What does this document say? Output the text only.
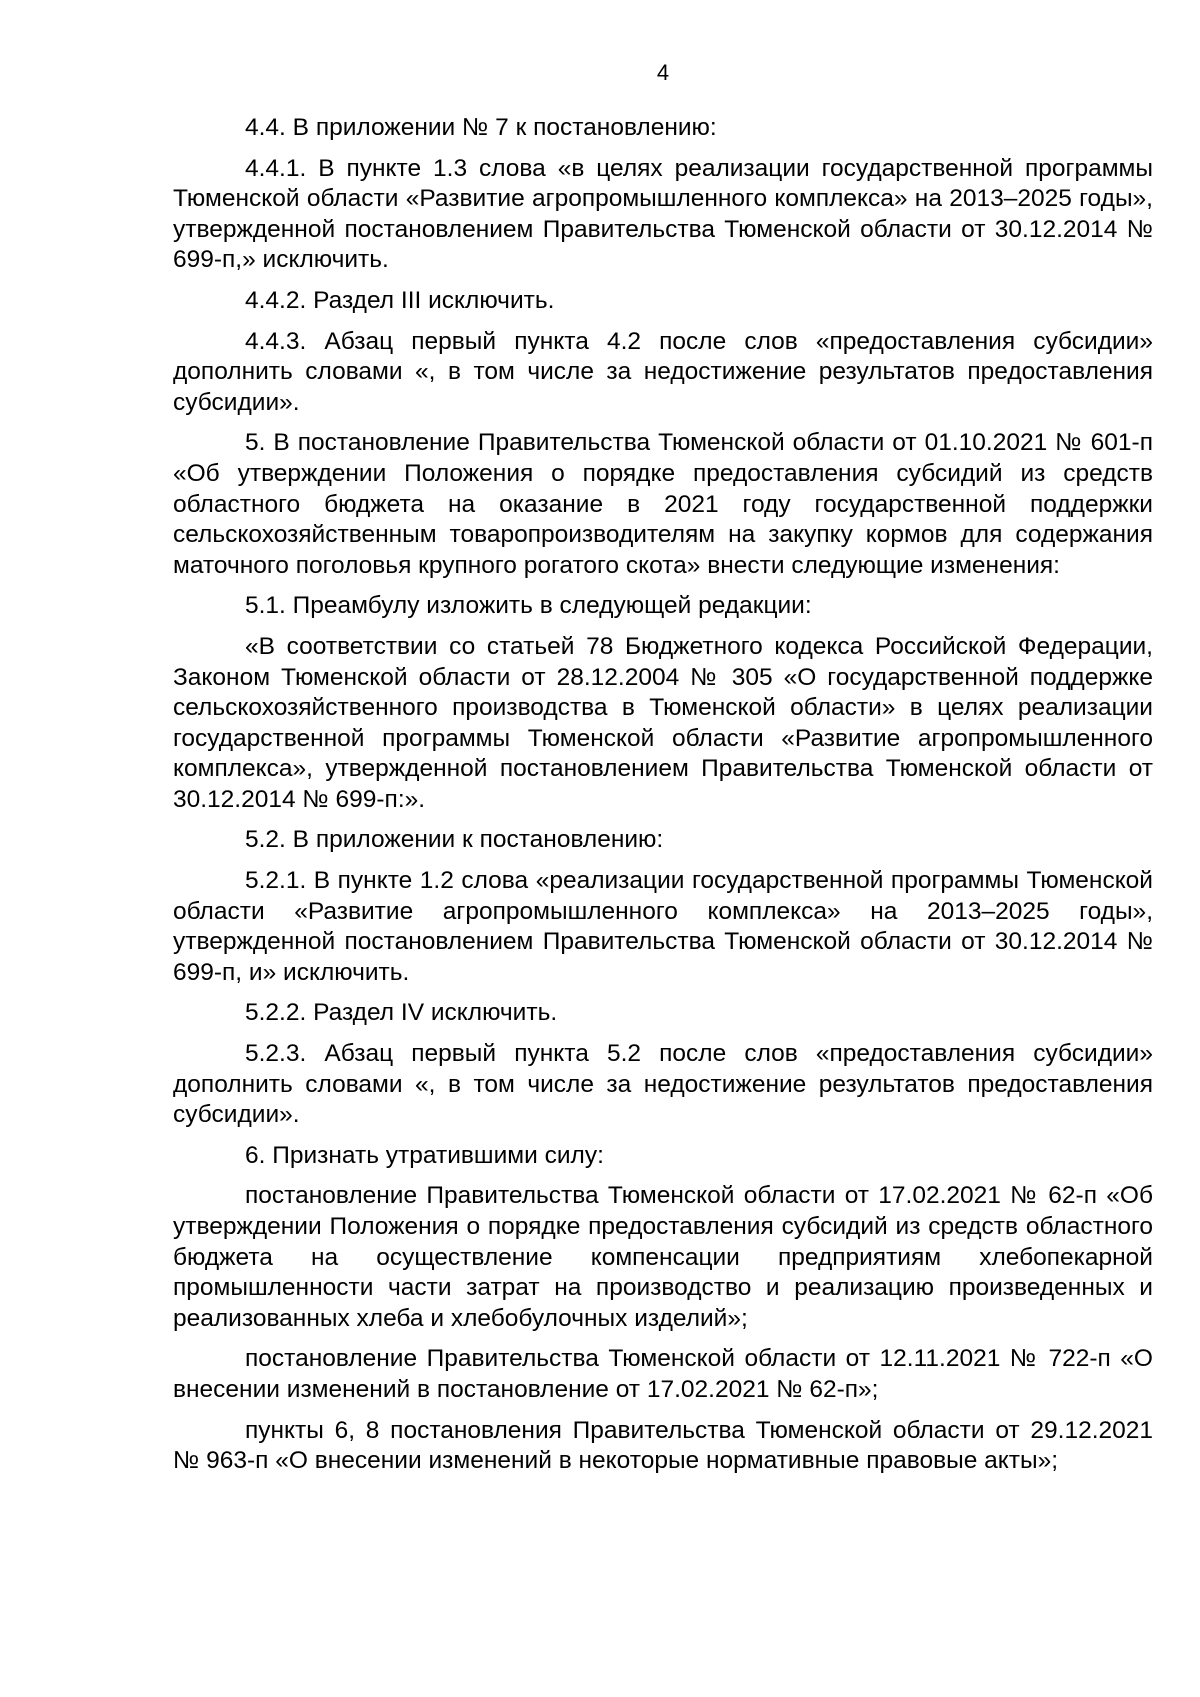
4

4.4. В приложении № 7 к постановлению:

4.4.1. В пункте 1.3 слова «в целях реализации государственной программы Тюменской области «Развитие агропромышленного комплекса» на 2013–2025 годы», утвержденной постановлением Правительства Тюменской области от 30.12.2014 № 699-п,» исключить.

4.4.2. Раздел III исключить.

4.4.3. Абзац первый пункта 4.2 после слов «предоставления субсидии» дополнить словами «, в том числе за недостижение результатов предоставления субсидии».

5. В постановление Правительства Тюменской области от 01.10.2021 № 601-п «Об утверждении Положения о порядке предоставления субсидий из средств областного бюджета на оказание в 2021 году государственной поддержки сельскохозяйственным товаропроизводителям на закупку кормов для содержания маточного поголовья крупного рогатого скота» внести следующие изменения:

5.1. Преамбулу изложить в следующей редакции:

«В соответствии со статьей 78 Бюджетного кодекса Российской Федерации, Законом Тюменской области от 28.12.2004 № 305 «О государственной поддержке сельскохозяйственного производства в Тюменской области» в целях реализации государственной программы Тюменской области «Развитие агропромышленного комплекса», утвержденной постановлением Правительства Тюменской области от 30.12.2014 № 699-п:».

5.2. В приложении к постановлению:

5.2.1. В пункте 1.2 слова «реализации государственной программы Тюменской области «Развитие агропромышленного комплекса» на 2013–2025 годы», утвержденной постановлением Правительства Тюменской области от 30.12.2014 № 699-п, и» исключить.

5.2.2. Раздел IV исключить.

5.2.3. Абзац первый пункта 5.2 после слов «предоставления субсидии» дополнить словами «, в том числе за недостижение результатов предоставления субсидии».

6. Признать утратившими силу:

постановление Правительства Тюменской области от 17.02.2021 № 62-п «Об утверждении Положения о порядке предоставления субсидий из средств областного бюджета на осуществление компенсации предприятиям хлебопекарной промышленности части затрат на производство и реализацию произведенных и реализованных хлеба и хлебобулочных изделий»;

постановление Правительства Тюменской области от 12.11.2021 № 722-п «О внесении изменений в постановление от 17.02.2021 № 62-п»;

пункты 6, 8 постановления Правительства Тюменской области от 29.12.2021 № 963-п «О внесении изменений в некоторые нормативные правовые акты»;
